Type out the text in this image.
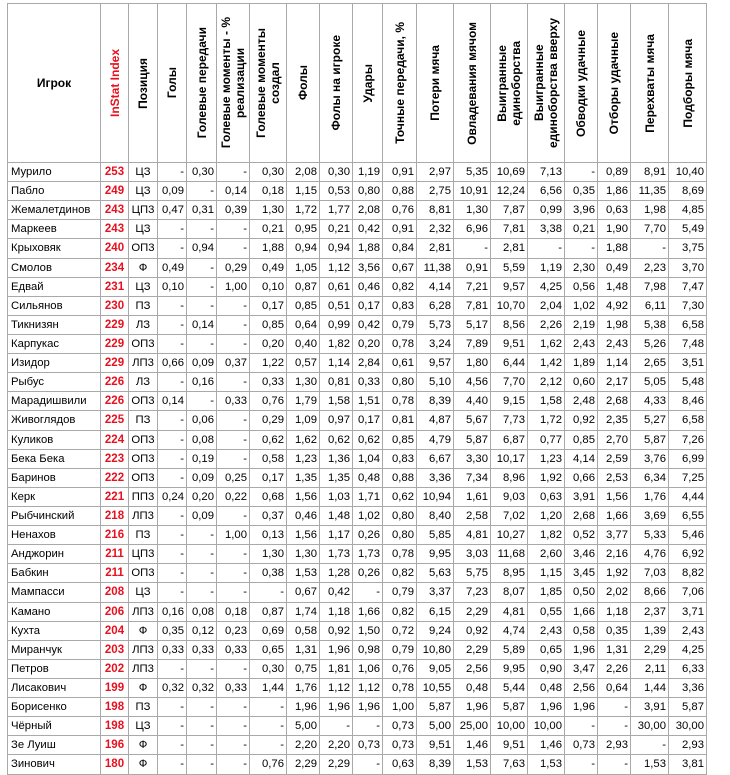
Игрок	InStat Index	Позиция	Голы	Голевые передачи	Голевые моменты - %
реализации	Голевые моменты
создал	Фолы	Фолы на игроке	Удары	Точные передачи, %	Потери мяча	Овладевания мячом	Выигранные
единоборства	Выигранные
единоборства вверху	Обводки удачные	Отборы удачные	Перехваты мяча	Подборы мяча

Мурило	253	ЦЗ	-	0,30	-	0,30	2,08	0,30	1,19	0,91	2,97	5,35	10,69	7,13	-	0,89	8,91	10,40
Пабло	249	ЦЗ	0,09	-	0,14	0,18	1,15	0,53	0,80	0,88	2,75	10,91	12,24	6,56	0,35	1,86	11,35	8,69
Жемалетдинов	243	ЦП3	0,47	0,31	0,39	1,30	1,72	1,77	2,08	0,76	8,81	1,30	7,87	0,99	3,96	0,63	1,98	4,85
Маркеев	243	ЦЗ	-	-	-	0,21	0,95	0,21	0,42	0,91	2,32	6,96	7,81	3,38	0,21	1,90	7,70	5,49
Крыховяк	240	ОП3	-	0,94	-	1,88	0,94	0,94	1,88	0,84	2,81	-	2,81	-	-	1,88	-	3,75
Смолов	234	Ф	0,49	-	0,29	0,49	1,05	1,12	3,56	0,67	11,38	0,91	5,59	1,19	2,30	0,49	2,23	3,70
Едвай	231	ЦЗ	0,10	-	1,00	0,10	0,87	0,61	0,46	0,82	4,14	7,21	9,57	4,25	0,56	1,48	7,98	7,47
Сильянов	230	ПЗ	-	-	-	0,17	0,85	0,51	0,17	0,83	6,28	7,81	10,70	2,04	1,02	4,92	6,11	7,30
Тикнизян	229	ЛЗ	-	0,14	-	0,85	0,64	0,99	0,42	0,79	5,73	5,17	8,56	2,26	2,19	1,98	5,38	6,58
Карпукас	229	ОП3	-	-	-	0,20	0,40	1,82	0,20	0,78	3,24	7,89	9,51	1,62	2,43	2,43	5,26	7,48
Изидор	229	ЛП3	0,66	0,09	0,37	1,22	0,57	1,14	2,84	0,61	9,57	1,80	6,44	1,42	1,89	1,14	2,65	3,51
Рыбус	226	ЛЗ	-	0,16	-	0,33	1,30	0,81	0,33	0,80	5,10	4,56	7,70	2,12	0,60	2,17	5,05	5,48
Марадишвили	226	ОП3	0,14	-	0,33	0,76	1,79	1,58	1,51	0,78	8,39	4,40	9,15	1,58	2,48	2,68	4,33	8,46
Живоглядов	225	ПЗ	-	0,06	-	0,29	1,09	0,97	0,17	0,81	4,87	5,67	7,73	1,72	0,92	2,35	5,27	6,58
Куликов	224	ОП3	-	0,08	-	0,62	1,62	0,62	0,62	0,85	4,79	5,87	6,87	0,77	0,85	2,70	5,87	7,26
Бека Бека	223	ОП3	-	0,19	-	0,58	1,23	1,36	1,04	0,83	6,67	3,30	10,17	1,23	4,14	2,59	3,76	6,99
Баринов	222	ОП3	-	0,09	0,25	0,17	1,35	1,35	0,48	0,88	3,36	7,34	8,96	1,92	0,66	2,53	6,34	7,25
Керк	221	ПП3	0,24	0,20	0,22	0,68	1,56	1,03	1,71	0,62	10,94	1,61	9,03	0,63	3,91	1,56	1,76	4,44
Рыбчинский	218	ЛП3	-	0,09	-	0,37	0,46	1,48	1,02	0,80	8,40	2,58	7,02	1,20	2,68	1,66	3,69	6,55
Ненахов	216	ПЗ	-	-	1,00	0,13	1,56	1,17	0,26	0,80	5,85	4,81	10,27	1,82	0,52	3,77	5,33	5,46
Анджорин	211	ЦП3	-	-	-	1,30	1,30	1,73	1,73	0,78	9,95	3,03	11,68	2,60	3,46	2,16	4,76	6,92
Бабкин	211	ОП3	-	-	-	0,38	1,53	1,28	0,26	0,82	5,63	5,75	8,95	1,15	3,45	1,92	7,03	8,82
Мампасси	208	ЦЗ	-	-	-	-	0,67	0,42	-	0,79	3,37	7,23	8,07	1,85	0,50	2,02	8,66	7,06
Камано	206	ЛП3	0,16	0,08	0,18	0,87	1,74	1,18	1,66	0,82	6,15	2,29	4,81	0,55	1,66	1,18	2,37	3,71
Кухта	204	Ф	0,35	0,12	0,23	0,69	0,58	0,92	1,50	0,72	9,24	0,92	4,74	2,43	0,58	0,35	1,39	2,43
Миранчук	203	ЛП3	0,33	0,33	0,33	0,65	1,31	1,96	0,98	0,79	10,80	2,29	5,89	0,65	1,96	1,31	2,29	4,25
Петров	202	ЛП3	-	-	-	0,30	0,75	1,81	1,06	0,76	9,05	2,56	9,95	0,90	3,47	2,26	2,11	6,33
Лисакович	199	Ф	0,32	0,32	0,33	1,44	1,76	1,12	1,12	0,78	10,55	0,48	5,44	0,48	2,56	0,64	1,44	3,36
Борисенко	198	ПЗ	-	-	-	-	1,96	1,96	1,96	1,00	5,87	1,96	5,87	1,96	1,96	-	3,91	5,87
Чёрный	198	ЦЗ	-	-	-	-	5,00	-	-	0,73	5,00	25,00	10,00	10,00	-	-	30,00	30,00
Зе Луиш	196	Ф	-	-	-	-	2,20	2,20	0,73	0,73	9,51	1,46	9,51	1,46	0,73	2,93	-	2,93
Зинович	180	Ф	-	-	-	0,76	2,29	2,29	-	0,63	8,39	1,53	7,63	1,53	-	-	1,53	3,81
